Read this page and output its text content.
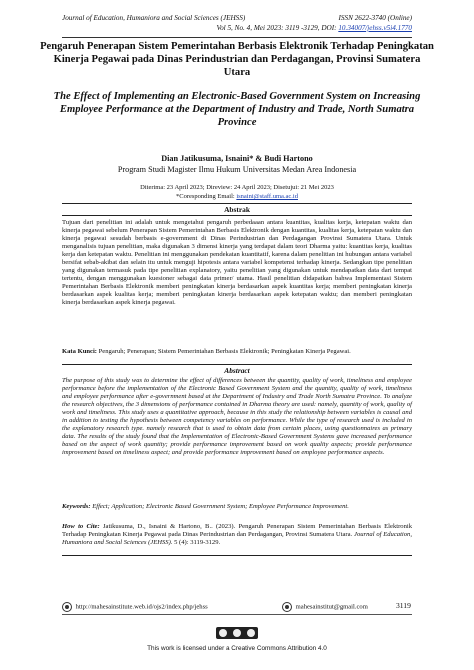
Journal of Education, Humaniora and Social Sciences (JEHSS)	ISSN 2622-3740 (Online)
Vol 5, No. 4, Mei 2023: 3119 -3129, DOI: 10.34007/jehss.v5i4.1770
Pengaruh Penerapan Sistem Pemerintahan Berbasis Elektronik Terhadap Peningkatan Kinerja Pegawai pada Dinas Perindustrian dan Perdagangan, Provinsi Sumatera Utara
The Effect of Implementing an Electronic-Based Government System on Increasing Employee Performance at the Department of Industry and Trade, North Sumatra Province
Dian Jatikusuma, Isnaini* & Budi Hartono
Program Studi Magister Ilmu Hukum Universitas Medan Area Indonesia
Diterima: 23 April 2023; Direview: 24 April 2023; Disetujui: 21 Mei 2023
*Coresponding Email: isnaini@staff.uma.ac.id
Abstrak
Tujuan dari penelitian ini adalah untuk mengetahui pengaruh perbedaaan antara kuantitas, kualitas kerja, ketepatan waktu dan kinerja pegawai sebelum Penerapan Sistem Pemerintahan Berbasis Elektronik dengan kuantitas, kualitas kerja, ketepatan waktu dan kinerja pegawai sesudah berbasis e-government di Dinas Perindustrian dan Perdagangan Provinsi Sumatera Utara. Untuk menganalisis tujuan penelitian, maka digunakan 3 dimensi kinerja yang terdapat dalam teori Dharma yaitu: kuantitas kerja, kualitas kerja dan ketepatan waktu. Penelitian ini menggunakan pendekatan kuantitatif, karena dalam penelitian ini hubungan antara variabel bersifat sebab-akibat dan selain itu untuk menguji hipotesis antara variabel kompetensi terhadap kinerja. Sedangkan tipe penelitian yang digunakan termasuk pada tipe penelitian explanatory, yaitu penelitian yang digunakan untuk mendapatkan data dari tempat tertentu, dengan menggunakan kuesioner sebagai data primer/ utama. Hasil penelitian didapatkan bahwa Implementasi Sistem Pemerintahan Berbasis Elektronik memberi peningkatan kinerja berdasarkan aspek kuantitas kerja; memberi peningkatan kinerja berdasarkan aspek kualitas kerja; memberi peningkatan kinerja berdasarkan aspek ketepatan waktu; dan memberi peningkatan kinerja berdasarkan aspek kinerja pegawai.
Kata Kunci: Pengaruh; Penerapan; Sistem Pemerintahan Berbasis Elektronik; Peningkatan Kinerja Pegawai.
Abstract
The purpose of this study was to determine the effect of differences between the quantity, quality of work, timeliness and employee performance before the implementation of the Electronic Based Government System and the quantity, quality of work, timeliness and employee performance after e-government based at the Department of Industry and Trade North Sumatra Province. To analyze the research objectives, the 3 dimensions of performance contained in Dharma theory are used: namely, quantity of work, quality of work and timeliness. This study uses a quantitative approach, because in this study the relationship between variables is causal and in addition to testing the hypothesis between competency variables on performance. While the type of research used is included in the explanatory research type. namely research that is used to obtain data from certain places, using questionnaires as primary data. The results of the study found that the Implementation of Electronic-Based Government Systems gave increased performance based on the aspect of work quantity; provide performance improvement based on work quality aspects; provide performance improvement based on timeliness aspect; and provide performance improvement based on employee performance aspects.
Keywords: Effect; Application; Electronic Based Government System; Employee Performance Improvement.
How to Cite: Jatikusuma, D., Isnaini & Hartono, B.. (2023). Pengaruh Penerapan Sistem Pemerintahan Berbasis Elektronik Terhadap Peningkatan Kinerja Pegawai pada Dinas Perindustrian dan Perdagangan, Provinsi Sumatera Utara. Journal of Education, Humaniora and Social Sciences (JEHSS). 5 (4): 3119-3129.
http://mahesainstitute.web.id/ojs2/index.php/jehss	mahesainstitut@gmail.com	3119
This work is licensed under a Creative Commons Attribution 4.0
